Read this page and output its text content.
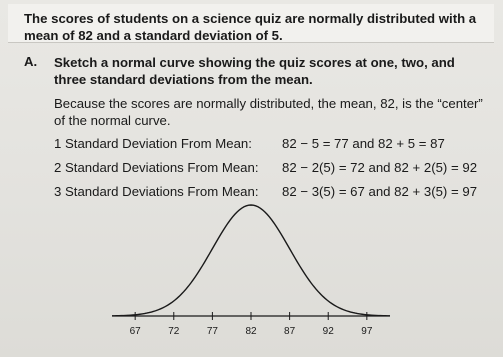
The scores of students on a science quiz are normally distributed with a mean of 82 and a standard deviation of 5.
A. Sketch a normal curve showing the quiz scores at one, two, and three standard deviations from the mean.
Because the scores are normally distributed, the mean, 82, is the “center” of the normal curve.
1 Standard Deviation From Mean: 82 − 5 = 77 and 82 + 5 = 87
2 Standard Deviations From Mean: 82 − 2(5) = 72 and 82 + 2(5) = 92
3 Standard Deviations From Mean: 82 − 3(5) = 67 and 82 + 3(5) = 97
67	72	77	82	87	92	97
